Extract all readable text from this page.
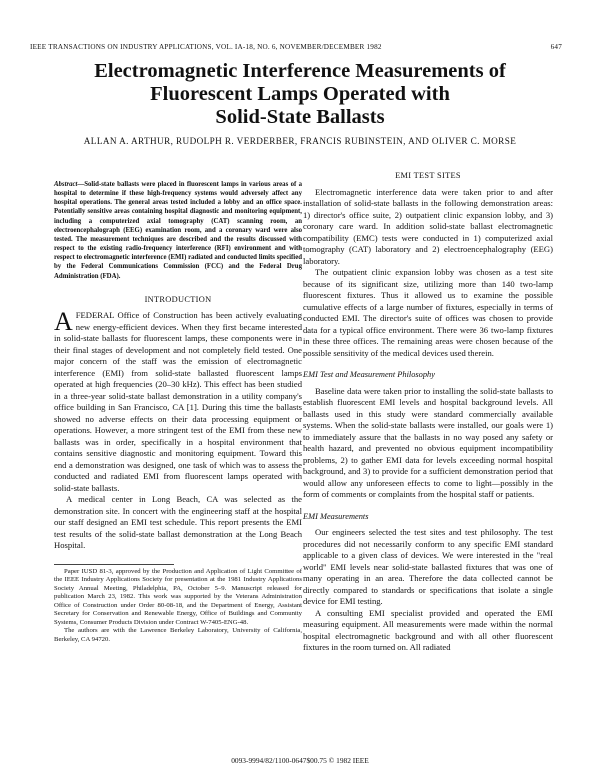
IEEE TRANSACTIONS ON INDUSTRY APPLICATIONS, VOL. IA-18, NO. 6, NOVEMBER/DECEMBER 1982	647
Electromagnetic Interference Measurements of
Fluorescent Lamps Operated with
Solid-State Ballasts
ALLAN A. ARTHUR, RUDOLPH R. VERDERBER, FRANCIS RUBINSTEIN, AND OLIVER C. MORSE
Abstract—Solid-state ballasts were placed in fluorescent lamps in various areas of a hospital to determine if these high-frequency systems would adversely affect any hospital operations. The general areas tested included a lobby and an office space. Potentially sensitive areas containing hospital diagnostic and monitoring equipment, including a computerized axial tomography (CAT) scanning room, an electroencephalograph (EEG) examination room, and a coronary ward were also tested. The measurement techniques are described and the results discussed with respect to the existing radio-frequency interference (RFI) environment and with respect to electromagnetic interference (EMI) radiated and conducted limits specified by the Federal Communications Commission (FCC) and the Federal Drug Administration (FDA).
INTRODUCTION

AFEDERAL Office of Construction has been actively evaluating new energy-efficient devices. When they first became interested in solid-state ballasts for fluorescent lamps, these components were in their final stages of development and not completely field tested. One major concern of the staff was the emission of electromagnetic interference (EMI) from solid-state ballasted fluorescent lamps operated at high frequencies (20–30 kHz). This effect has been studied in a three-year solid-state ballast demonstration in a utility company's office building in San Francisco, CA [1]. During this time the ballasts showed no adverse effects on their data processing equipment or operations. However, a more stringent test of the EMI from these new ballasts was in order, specifically in a hospital environment that contains sensitive diagnostic and monitoring equipment. Toward this end a demonstration was designed, one task of which was to assess the conducted and radiated EMI from fluorescent lamps operated with solid-state ballasts.

A medical center in Long Beach, CA was selected as the demonstration site. In concert with the engineering staff at the hospital our staff designed an EMI test schedule. This report presents the EMI test results of the solid-state ballast demonstration at the Long Beach Hospital.

Paper IUSD 81-3, approved by the Production and Application of Light Committee of the IEEE Industry Applications Society for presentation at the 1981 Industry Applications Society Annual Meeting, Philadelphia, PA, October 5–9. Manuscript released for publication March 23, 1982. This work was supported by the Veterans Administration Office of Construction under Order 80-08-18, and the Department of Energy, Assistant Secretary for Conservation and Renewable Energy, Office of Buildings and Community Systems, Consumer Products Division under Contract W-7405-ENG-48.

The authors are with the Lawrence Berkeley Laboratory, University of California, Berkeley, CA 94720.

EMI TEST SITES

Electromagnetic interference data were taken prior to and after installation of solid-state ballasts in the following demonstration areas: 1) director's office suite, 2) outpatient clinic expansion lobby, and 3) coronary care ward. In addition solid-state ballast electromagnetic compatibility (EMC) tests were conducted in 1) computerized axial tomography (CAT) laboratory and 2) electroencephalography (EEG) laboratory.

The outpatient clinic expansion lobby was chosen as a test site because of its significant size, utilizing more than 140 two-lamp fluorescent fixtures. Thus it allowed us to examine the possible cumulative effects of a large number of fixtures, especially in terms of conducted EMI. The director's suite of offices was chosen to provide data for a typical office environment. There were 36 two-lamp fixtures in these three offices. The remaining areas were chosen because of the possible sensitivity of the medical devices used therein.

EMI Test and Measurement Philosophy

Baseline data were taken prior to installing the solid-state ballasts to establish fluorescent EMI levels and hospital background levels. All ballasts used in this study were standard commercially available systems. When the solid-state ballasts were installed, our goals were 1) to immediately assure that the ballasts in no way posed any safety or health hazard, and prevented no obvious equipment incompatibility problems, 2) to gather EMI data for levels exceeding normal hospital background, and 3) to provide for a sufficient demonstration period that would allow any unforeseen effects to come to light—possibly in the form of comments or complaints from the hospital staff or patients.

EMI Measurements

Our engineers selected the test sites and test philosophy. The test procedures did not necessarily conform to any specific EMI standard applicable to a given class of devices. We were interested in the "real world" EMI levels near solid-state ballasted fixtures that was one of many operating in an area. Therefore the data collected cannot be directly compared to standards or specifications that isolate a single device for EMI testing.

A consulting EMI specialist provided and operated the EMI measuring equipment. All measurements were made within the normal hospital electromagnetic background and with all other fluorescent fixtures in the room turned on. All radiated

0093-9994/82/1100-0647$00.75 © 1982 IEEE
